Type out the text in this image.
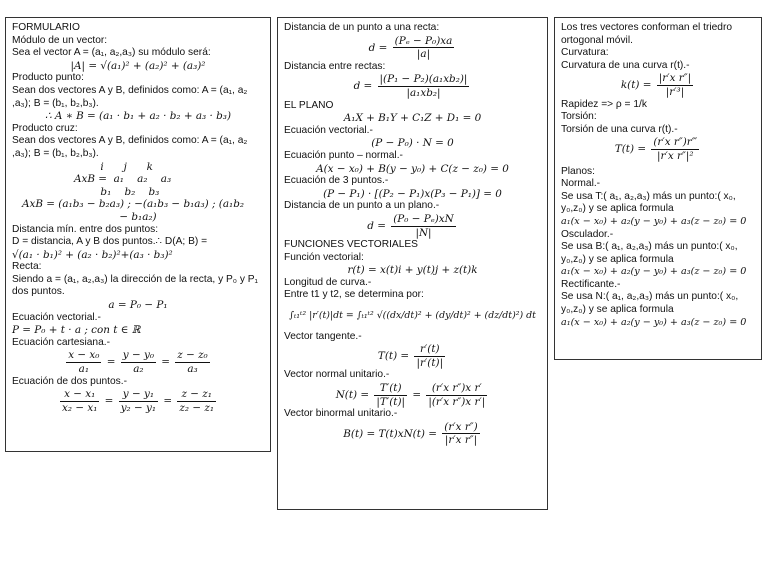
FORMULARIO
Módulo de un vector:
Sea el vector A = (a₁, a₂,a₃) su módulo será:
|A| = √(a₁)² + (a₂)² + (a₃)²
Producto punto:
Sean dos vectores A y B, definidos como: A = (a₁, a₂ ,a₃); B = (b₁, b₂,b₃).
∴ A ∗ B = (a₁ · b₁ + a₂ · b₂ + a₃ · b₃)
Producto cruz:
Sean dos vectores A y B, definidos como: A = (a₁, a₂ ,a₃); B = (b₁, b₂,b₃).
i      j      k
AxB =  a₁    a₂    a₃
b₁    b₂    b₃
AxB = (a₁b₃ − b₂a₃) ; −(a₁b₃ − b₁a₃) ; (a₁b₂
− b₁a₂)
Distancia mín. entre dos puntos:
D = distancia, A y B dos puntos.∴ D(A; B) =
√(a₁ · b₁)² + (a₂ · b₂)²+(a₃ · b₃)²
Recta:
Siendo a = (a₁, a₂,a₃) la dirección de la recta, y P₀ y P₁ dos puntos.
a = P₀ − P₁
Ecuación vectorial.-
P = P₀ + t · a ; con t ∈ ℝ
Ecuación cartesiana.-
$\frac{\text{x − x₀}}{\text{a₁}} = \frac{\text{y − y₀}}{\text{a₂}} = \frac{\text{z − z₀}}{\text{a₃}}$
Ecuación de dos puntos.-
$\frac{\text{x − x₁}}{\text{x₂ − x₁}} = \frac{\text{y − y₁}}{\text{y₂ − y₁}} = \frac{\text{z − z₁}}{\text{z₂ − z₁}}$
Distancia de un punto a una recta:
$d = \frac{\text{(Pₑ − P₀)xa}}{|a|}$
Distancia entre rectas:
$d = \frac{\text{|(P₁ − P₂)(a₁xb₂)|}}{\text{|a₁xb₂|}}$
EL PLANO
A₁X + B₁Y + C₁Z + D₁ = 0
Ecuación vectorial.-
(P − P₀) · N = 0
Ecuación punto – normal.-
A(x − x₀) + B(y − y₀) + C(z − z₀) = 0
Ecuación de 3 puntos.-
(P − P₁) · [(P₂ − P₁)x(P₃ − P₁)] = 0
Distancia de un punto a un plano.-
$d = \frac{\text{(P₀ − Pₑ)xN}}{|N|}$
FUNCIONES VECTORIALES
Función vectorial:
r(t) = x(t)i + y(t)j + z(t)k
Longitud de curva.-
Entre t1 y t2, se determina por:
∫ₜ₁ᵗ² |r′(t)|dt = ∫ₜ₁ᵗ² √((dx/dt)² + (dy/dt)² + (dz/dt)²) dt
Vector tangente.-
$T(t) = \frac{r'(t)}{|r'(t)|}$
Vector normal unitario.-
$N(t) = \frac{T'(t)}{|T'(t)|} = \frac{\text{(r′x r″)x r′}}{\text{|(r′x r″)x r′|}}$
Vector binormal unitario.-
$B(t) = T(t)xN(t) = \frac{\text{(r′x r″)}}{\text{|r′x r″|}}$
Los tres vectores conforman el triedro ortogonal móvil.
Curvatura:
Curvatura de una curva r(t).-
$k(t) = \frac{\text{|r′x r″|}}{\text{|r′³|}}$
Rapidez => ρ = 1/k
Torsión:
Torsión de una curva r(t).-
$T(t) = \frac{\text{(r′x r″)r‴}}{\text{|r′x r″|²}}$
Planos:
Normal.-
Se usa T:( a₁, a₂,a₃) más un punto:( x₀, y₀,z₀) y se aplica formula
a₁(x − x₀) + a₂(y − y₀) + a₃(z − z₀) = 0
Osculador.-
Se usa B:( a₁, a₂,a₃) más un punto:( x₀, y₀,z₀) y se aplica formula
a₁(x − x₀) + a₂(y − y₀) + a₃(z − z₀) = 0
Rectificante.-
Se usa N:( a₁, a₂,a₃) más un punto:( x₀, y₀,z₀) y se aplica formula
a₁(x − x₀) + a₂(y − y₀) + a₃(z − z₀) = 0
